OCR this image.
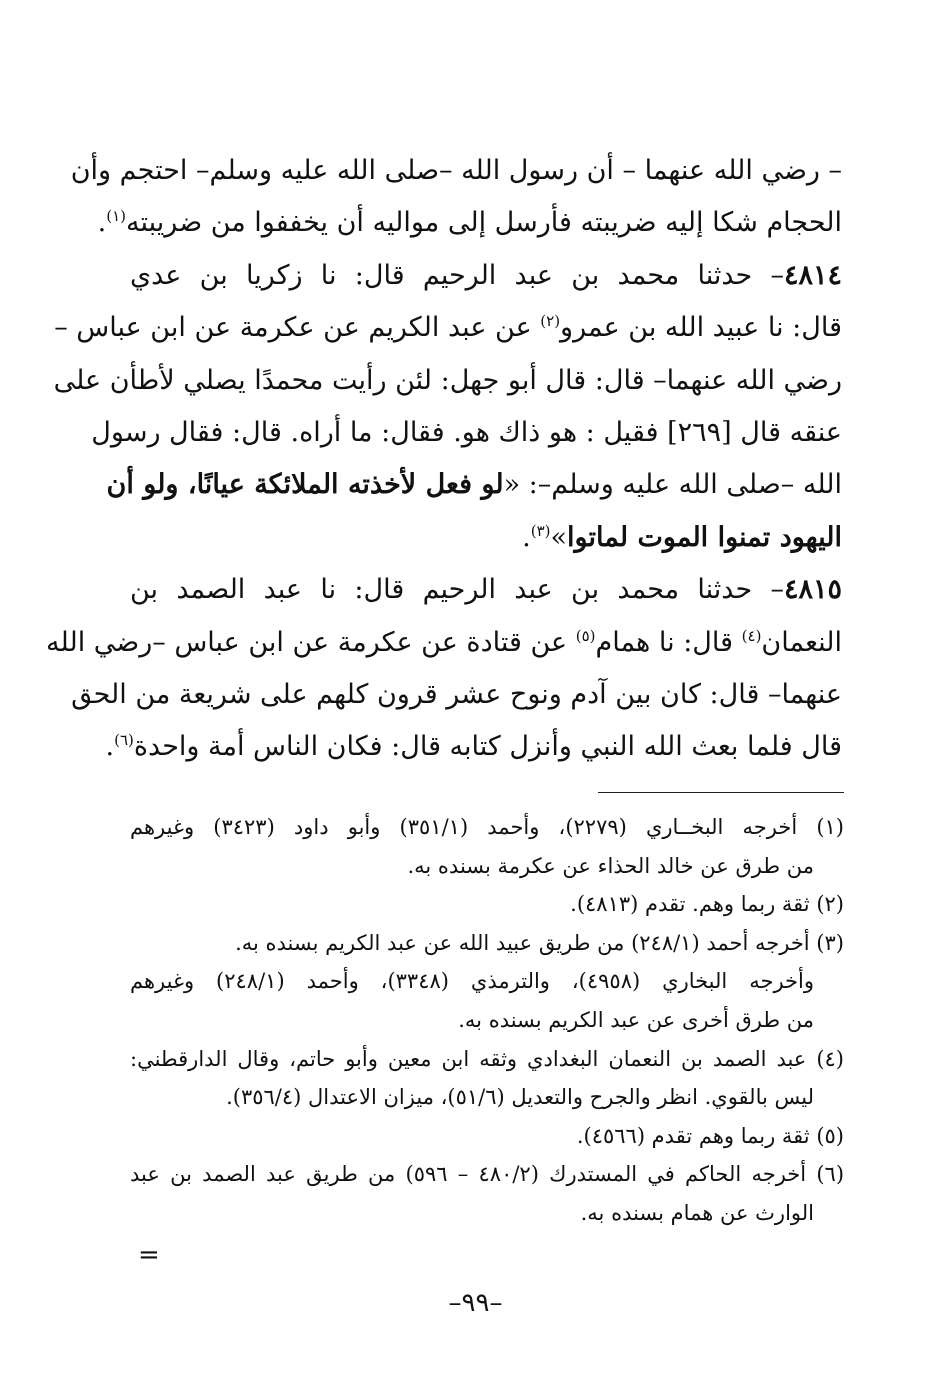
– رضي الله عنهما – أن رسول الله –صلى الله عليه وسلم– احتجم وأن
الحجام شكا إليه ضريبته فأرسل إلى مواليه أن يخففوا من ضريبته$^{(١)}$.
٤٨١٤– حدثنا محمد بن عبد الرحيم قال: نا زكريا بن عدي
قال: نا عبيد الله بن عمرو$^{(٢)}$ عن عبد الكريم عن عكرمة عن ابن عباس –
رضي الله عنهما– قال: قال أبو جهل: لئن رأيت محمدًا يصلي لأطأن على
عنقه قال [٢٦٩] فقيل : هو ذاك هو. فقال: ما أراه. قال: فقال رسول
الله –صلى الله عليه وسلم–: «لو فعل لأخذته الملائكة عيانًا، ولو أن
اليهود تمنوا الموت لماتوا»$^{(٣)}$.
٤٨١٥– حدثنا محمد بن عبد الرحيم قال: نا عبد الصمد بن
النعمان$^{(٤)}$ قال: نا همام$^{(٥)}$ عن قتادة عن عكرمة عن ابن عباس –رضي الله
عنهما– قال: كان بين آدم ونوح عشر قرون كلهم على شريعة من الحق
قال فلما بعث الله النبي وأنزل كتابه قال: فكان الناس أمة واحدة$^{(٦)}$.
(١) أخرجه البخــاري (٢٢٧٩)، وأحمد (٣٥١/١) وأبو داود (٣٤٢٣) وغيرهم
من طرق عن خالد الحذاء عن عكرمة بسنده به.
(٢) ثقة ربما وهم. تقدم (٤٨١٣).
(٣) أخرجه أحمد (٢٤٨/١) من طريق عبيد الله عن عبد الكريم بسنده به.
وأخرجه البخاري (٤٩٥٨)، والترمذي (٣٣٤٨)، وأحمد (٢٤٨/١) وغيرهم
من طرق أخرى عن عبد الكريم بسنده به.
(٤) عبد الصمد بن النعمان البغدادي وثقه ابن معين وأبو حاتم، وقال الدارقطني:
ليس بالقوي. انظر والجرح والتعديل (٥١/٦)، ميزان الاعتدال (٣٥٦/٤).
(٥) ثقة ربما وهم تقدم (٤٥٦٦).
(٦) أخرجه الحاكم في المستدرك (٤٨٠/٢ – ٥٩٦) من طريق عبد الصمد بن عبد
الوارث عن همام بسنده به.
=
–٩٩–
